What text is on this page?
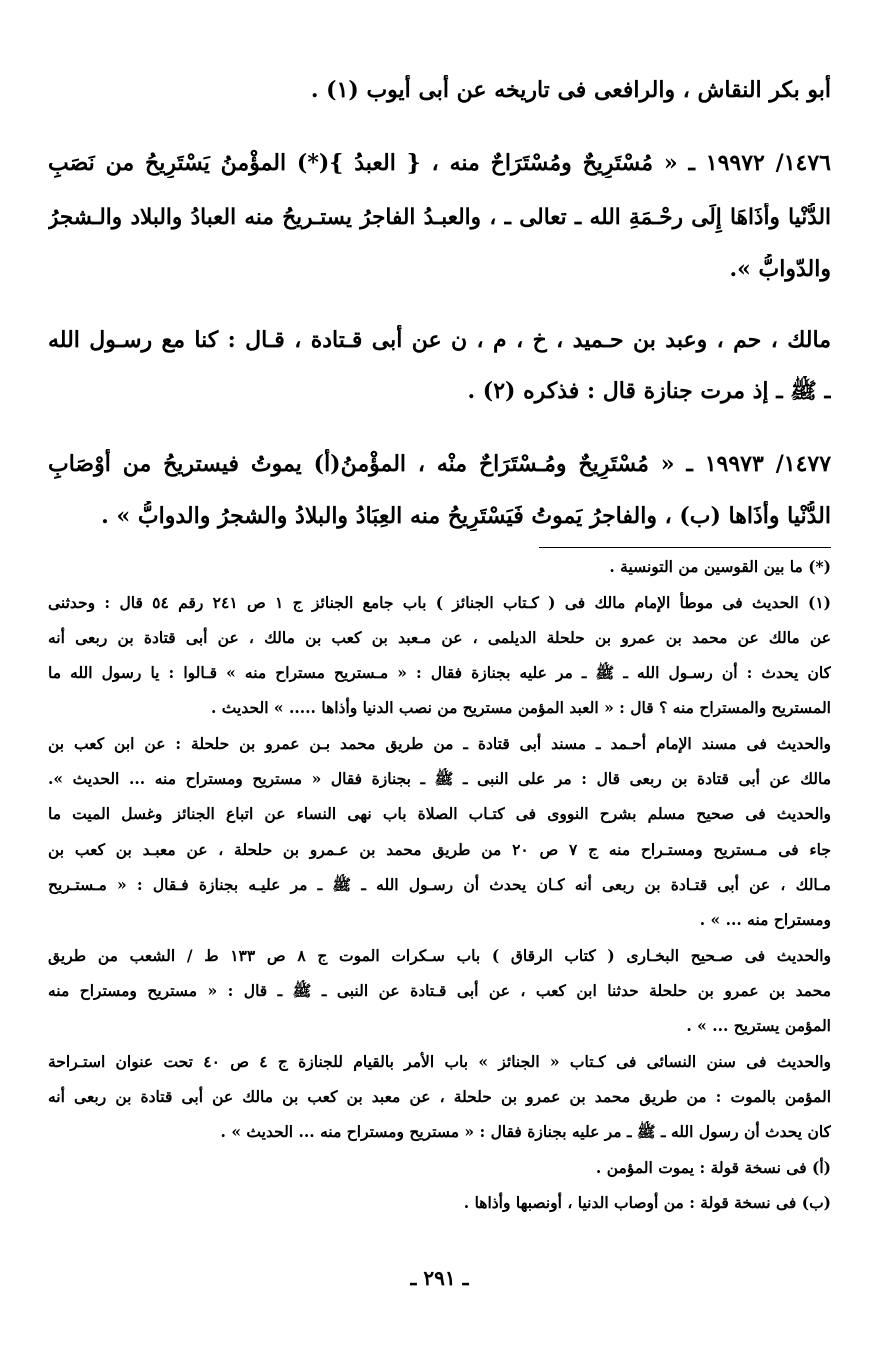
أبو بكر النقاش ، والرافعى فى تاريخه عن أبى أيوب (١) .
١٤٧٦/ ١٩٩٧٢ ـ « مُسْتَرِيحٌ ومُسْتَرَاحٌ منه ، { العبدُ }(*) المؤْمنُ يَسْتَرِيحُ من نَصَبِ
الدُّنْيا وأَذَاهَا إِلَى رحْـمَةِ الله ـ تعالى ـ ، والعبـدُ الفاجرُ يستـريحُ منه العبادُ والبلاد والـشجرُ
والدّوابُّ ».
مالك ، حم ، وعبد بن حـميد ، خ ، م ، ن عن أبى قـتادة ، قـال : كنا مع رسـول الله
ـ ﷺ ـ إذ مرت جنازة قال : فذكره (٢) .
١٤٧٧/ ١٩٩٧٣ ـ « مُسْتَرِيحٌ ومُـسْتَرَاحٌ منْه ، المؤْمنُ(أ) يموتُ فيستريحُ من أَوْصَابِ
الدُّنْيا وأَذَاها (ب) ، والفاجرُ يَموتُ فَيَسْتَرِيحُ منه العِبَادُ والبلادُ والشجرُ والدوابُّ » .
(*) ما بين القوسين من التونسية .
(١) الحديث فى موطأ الإمام مالك فى ( كـتاب الجنائز ) باب جامع الجنائز ج ١ ص ٢٤١ رقم ٥٤ قال : وحدثنى
عن مالك عن محمد بن عمرو بن حلحلة الديلمى ، عن مـعبد بن كعب بن مالك ، عن أبى قتادة بن ربعى أنه
كان يحدث : أن رسـول الله ـ ﷺ ـ مر عليه بجنازة فقال : « مـستريح مستراح منه » قـالوا : يا رسول الله ما
المستريح والمستراح منه ؟ قال : « العبد المؤمن مستريح من نصب الدنيا وأذاها ..... » الحديث .
والحديث فى مسند الإمام أحـمد ـ مسند أبى قتادة ـ من طريق محمد بـن عمرو بن حلحلة : عن ابن كعب بن
مالك عن أبى قتادة بن ربعى قال : مر على النبى ـ ﷺ ـ بجنازة فقال « مستريح ومستراح منه ... الحديث ».
والحديث فى صحيح مسلم بشرح النووى فى كتـاب الصلاة باب نهى النساء عن اتباع الجنائز وغسل الميت ما
جاء فى مـستريح ومستـراح منه ج ٧ ص ٢٠ من طريق محمد بن عـمرو بن حلحلة ، عن معبـد بن كعب بن
مـالك ، عن أبى قتـادة بن ربعى أنه كـان يحدث أن رسـول الله ـ ﷺ ـ مر عليـه بجنازة فـقال : « مـستـريح
ومستراح منه ... » .
والحديث فى صـحيح البخـارى ( كتاب الرقاق ) باب سـكرات الموت ج ٨ ص ١٣٣ ط / الشعب من طريق
محمد بن عمرو بن حلحلة حدثنا ابن كعب ، عن أبى قـتادة عن النبى ـ ﷺ ـ قال : « مستريح ومستراح منه
المؤمن يستريح ... » .
والحديث فى سنن النسائى فى كـتاب « الجنائز » باب الأمر بالقيام للجنازة ج ٤ ص ٤٠ تحت عنوان استـراحة
المؤمن بالموت : من طريق محمد بن عمرو بن حلحلة ، عن معبد بن كعب بن مالك عن أبى قتادة بن ربعى أنه
كان يحدث أن رسول الله ـ ﷺ ـ مر عليه بجنازة فقال : « مستريح ومستراح منه ... الحديث » .
(أ) فى نسخة قولة : يموت المؤمن .
(ب) فى نسخة قولة : من أوصاب الدنيا ، أونصبها وأذاها .
ـ ٢٩١ ـ
